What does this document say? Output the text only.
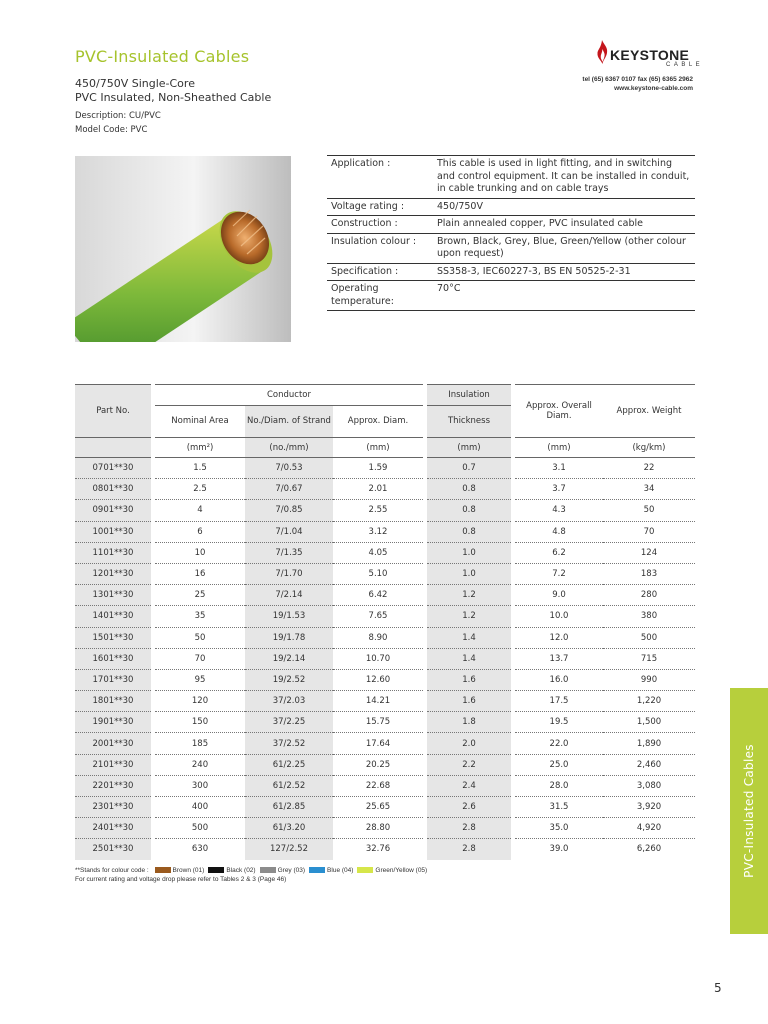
PVC-Insulated Cables
450/750V Single-Core
PVC Insulated, Non-Sheathed Cable
Description: CU/PVC
Model Code: PVC
KEYSTONE
CABLE
tel (65) 6367 0107 fax (65) 6365 2962
www.keystone-cable.com
Application :	This cable is used in light fitting, and in switching and control equipment. It can be installed in conduit, in cable trunking and on cable trays
Voltage rating :	450/750V
Construction :	Plain annealed copper, PVC insulated cable
Insulation colour :	Brown, Black, Grey, Blue, Green/Yellow (other colour upon request)
Specification :	SS358-3, IEC60227-3, BS EN 50525-2-31
Operating temperature:	70°C
Part No.		Conductor				Insulation		Approx. Overall Diam.	Approx. Weight
		Nominal Area	No./Diam. of Strand	Approx. Diam.		Thickness			
		(mm²)	(no./mm)	(mm)		(mm)		(mm)	(kg/km)
0701**30		1.5	7/0.53	1.59		0.7		3.1	22
0801**30		2.5	7/0.67	2.01		0.8		3.7	34
0901**30		4	7/0.85	2.55		0.8		4.3	50
1001**30		6	7/1.04	3.12		0.8		4.8	70
1101**30		10	7/1.35	4.05		1.0		6.2	124
1201**30		16	7/1.70	5.10		1.0		7.2	183
1301**30		25	7/2.14	6.42		1.2		9.0	280
1401**30		35	19/1.53	7.65		1.2		10.0	380
1501**30		50	19/1.78	8.90		1.4		12.0	500
1601**30		70	19/2.14	10.70		1.4		13.7	715
1701**30		95	19/2.52	12.60		1.6		16.0	990
1801**30		120	37/2.03	14.21		1.6		17.5	1,220
1901**30		150	37/2.25	15.75		1.8		19.5	1,500
2001**30		185	37/2.52	17.64		2.0		22.0	1,890
2101**30		240	61/2.25	20.25		2.2		25.0	2,460
2201**30		300	61/2.52	22.68		2.4		28.0	3,080
2301**30		400	61/2.85	25.65		2.6		31.5	3,920
2401**30		500	61/3.20	28.80		2.8		35.0	4,920
2501**30		630	127/2.52	32.76		2.8		39.0	6,260
**Stands for colour code :	Brown (01)	Black (02)	Grey (03)	Blue (04)	Green/Yellow (05)
For current rating and voltage drop please refer to Tables 2 & 3 (Page 46)
PVC-Insulated Cables
5
